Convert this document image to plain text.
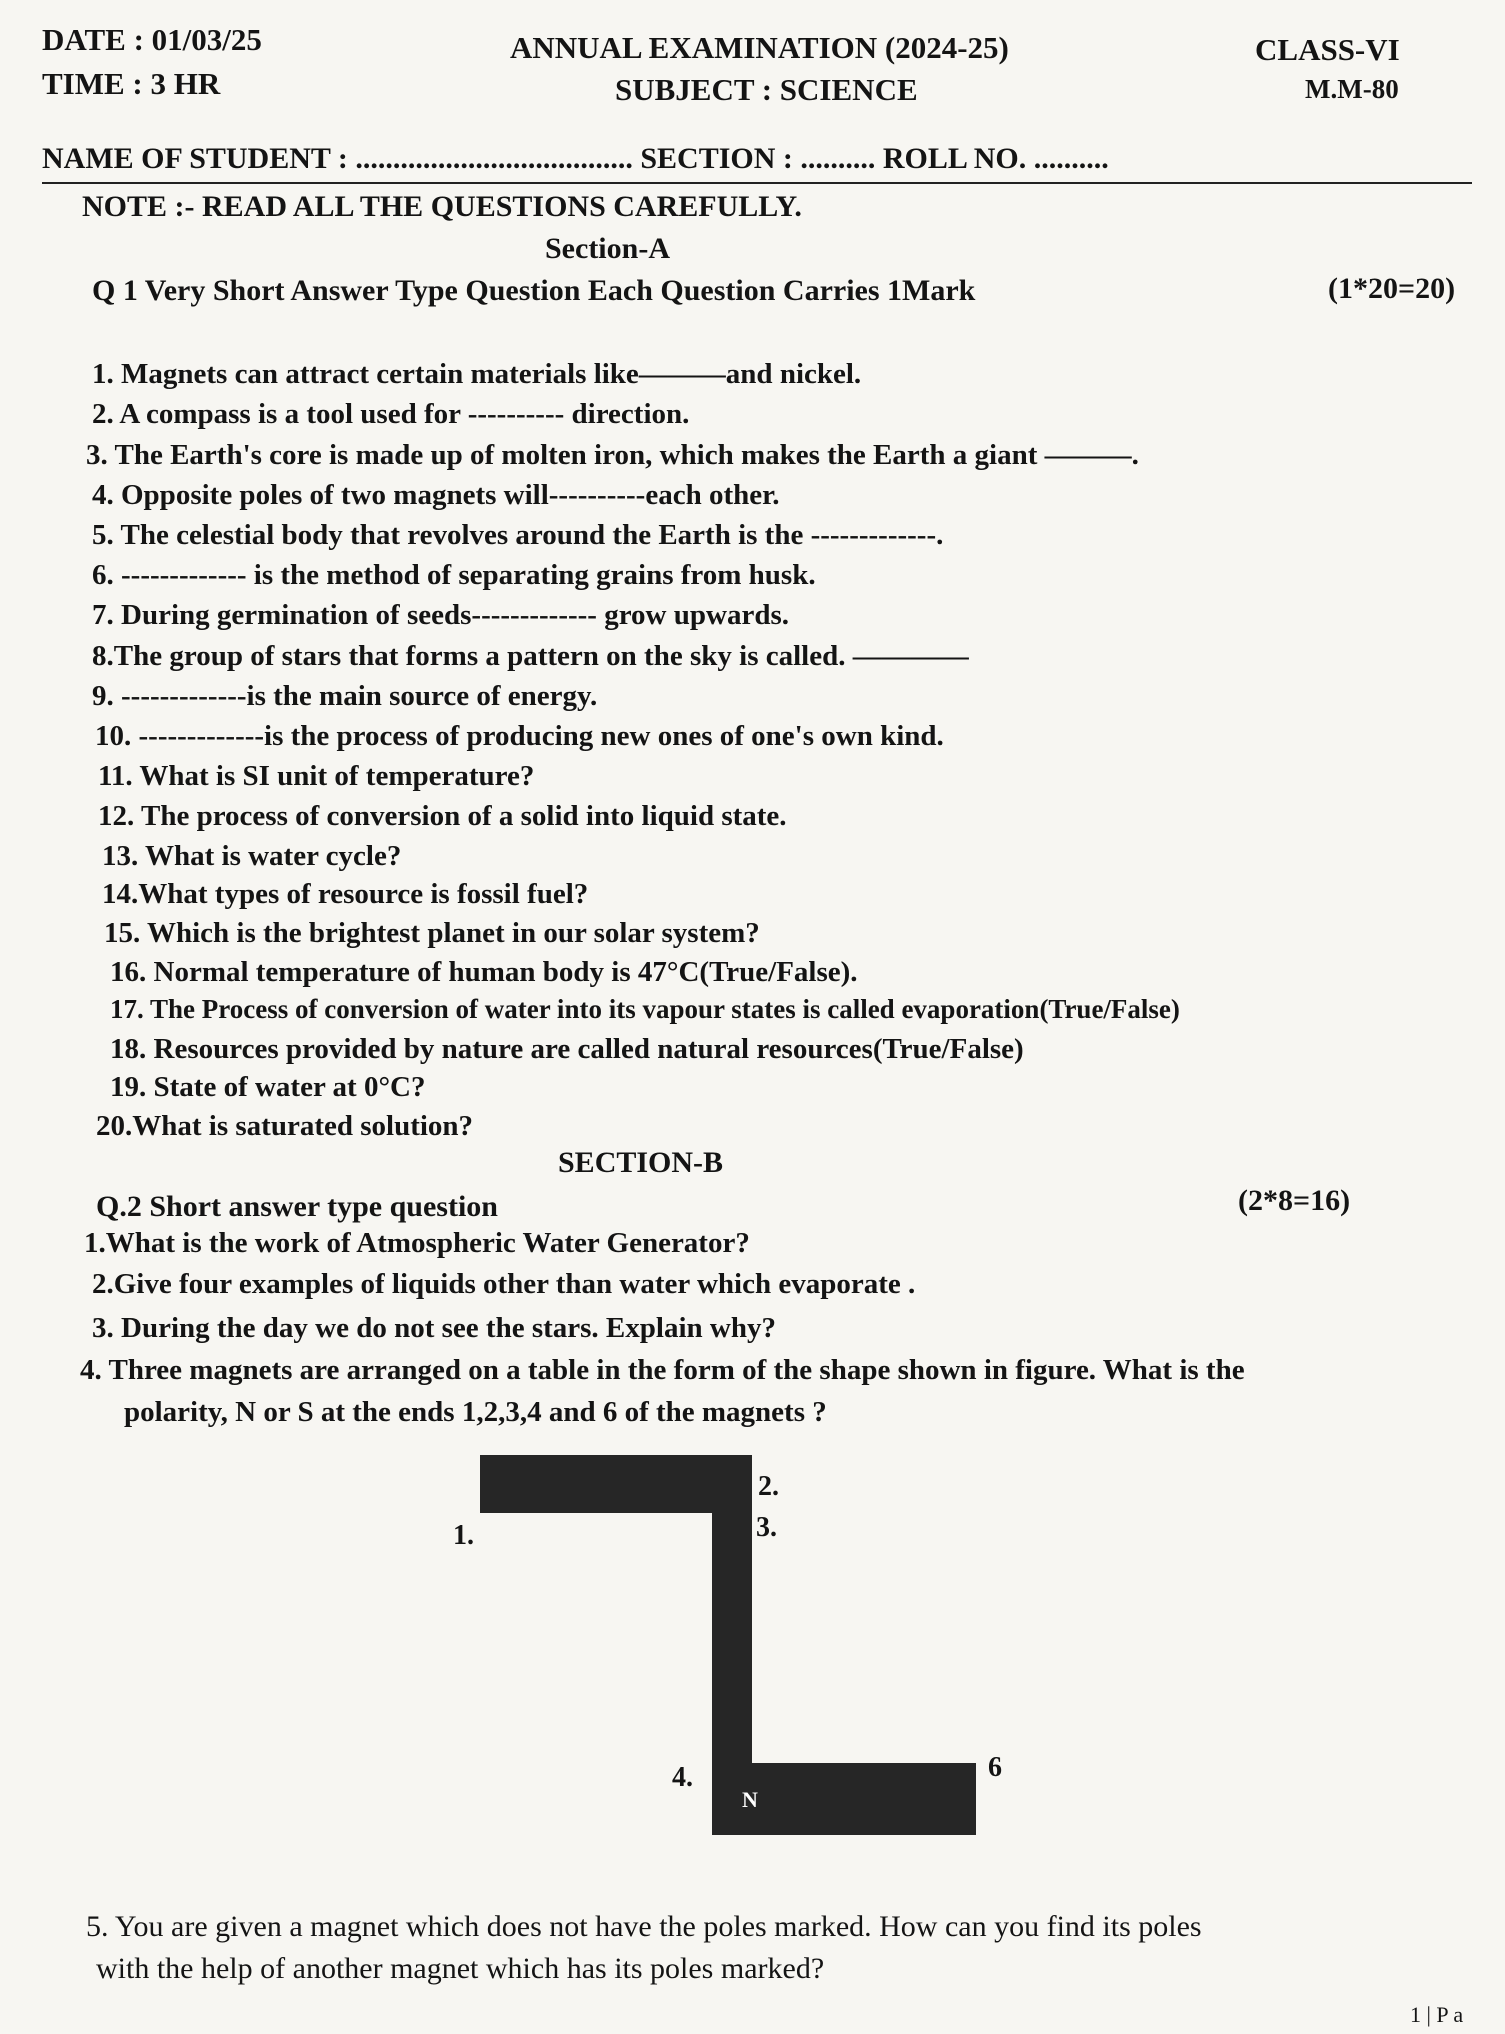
DATE : 01/03/25
TIME : 3 HR
ANNUAL EXAMINATION (2024-25)
SUBJECT : SCIENCE
CLASS-VI
M.M-80
NAME OF STUDENT : ..................................... SECTION : .......... ROLL NO. ..........
NOTE :- READ ALL THE QUESTIONS CAREFULLY.
Section-A
Q 1 Very Short Answer Type Question Each Question Carries 1Mark	(1*20=20)
1. Magnets can attract certain materials like———and nickel.
2. A compass is a tool used for ---------- direction.
3. The Earth's core is made up of molten iron, which makes the Earth a giant ———.
4. Opposite poles of two magnets will----------each other.
5. The celestial body that revolves around the Earth is the -------------.
6. ------------- is the method of separating grains from husk.
7. During germination of seeds------------- grow upwards.
8.The group of stars that forms a pattern on the sky is called. ————
9. -------------is the main source of energy.
10. -------------is the process of producing new ones of one's own kind.
11. What is SI unit of temperature?
12. The process of conversion of a solid into liquid state.
13. What is water cycle?
14.What types of resource is fossil fuel?
15. Which is the brightest planet in our solar system?
16. Normal temperature of human body is 47°C(True/False).
17. The Process of conversion of water into its vapour states is called evaporation(True/False)
18. Resources provided by nature are called natural resources(True/False)
19. State of water at 0°C?
20.What is saturated solution?
SECTION-B
Q.2 Short answer type question	(2*8=16)
1.What is the work of Atmospheric Water Generator?
2.Give four examples of liquids other than water which evaporate .
3. During the day we do not see the stars. Explain why?
4. Three magnets are arranged on a table in the form of the shape shown in figure. What is the
polarity, N or S at the ends 1,2,3,4 and 6 of the magnets ?
N
1.
2.
3.
4.	6
5. You are given a magnet which does not have the poles marked. How can you find its poles
with the help of another magnet which has its poles marked?
1 | P a
